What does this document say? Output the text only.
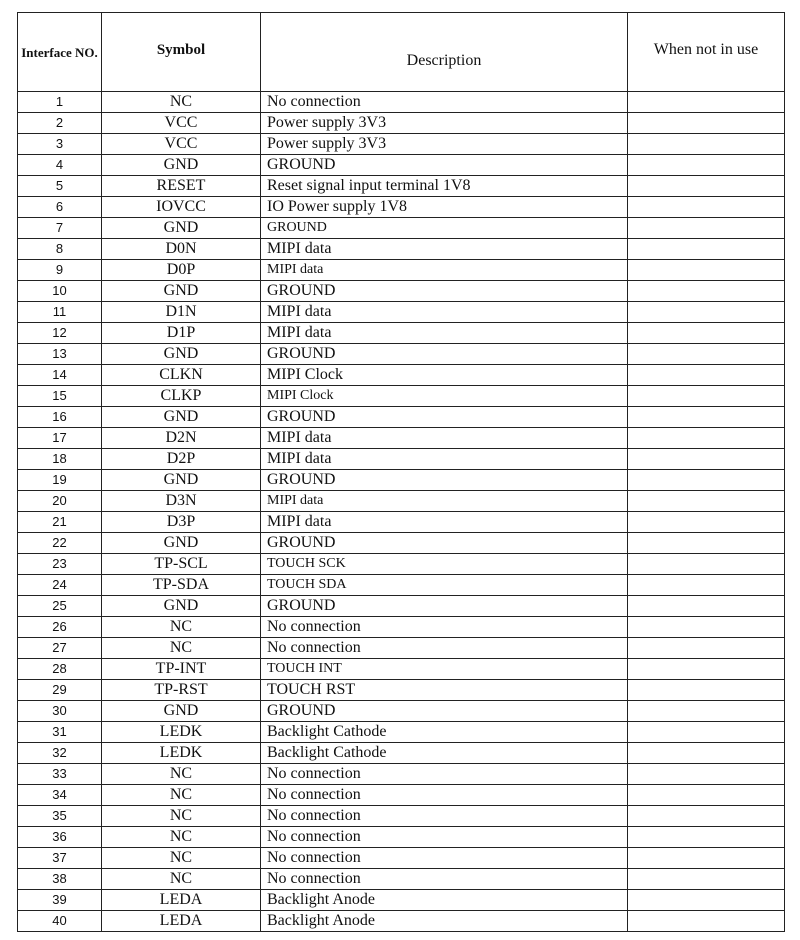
Interface NO.	Symbol	Description	When not in use
1	NC	No connection	
2	VCC	Power supply 3V3	
3	VCC	Power supply 3V3	
4	GND	GROUND	
5	RESET	Reset signal input terminal 1V8	
6	IOVCC	IO Power supply 1V8	
7	GND	GROUND	
8	D0N	MIPI data	
9	D0P	MIPI data	
10	GND	GROUND	
11	D1N	MIPI data	
12	D1P	MIPI data	
13	GND	GROUND	
14	CLKN	MIPI Clock	
15	CLKP	MIPI Clock	
16	GND	GROUND	
17	D2N	MIPI data	
18	D2P	MIPI data	
19	GND	GROUND	
20	D3N	MIPI data	
21	D3P	MIPI data	
22	GND	GROUND	
23	TP-SCL	TOUCH SCK	
24	TP-SDA	TOUCH SDA	
25	GND	GROUND	
26	NC	No connection	
27	NC	No connection	
28	TP-INT	TOUCH INT	
29	TP-RST	TOUCH RST	
30	GND	GROUND	
31	LEDK	Backlight Cathode	
32	LEDK	Backlight Cathode	
33	NC	No connection	
34	NC	No connection	
35	NC	No connection	
36	NC	No connection	
37	NC	No connection	
38	NC	No connection	
39	LEDA	Backlight Anode	
40	LEDA	Backlight Anode	
